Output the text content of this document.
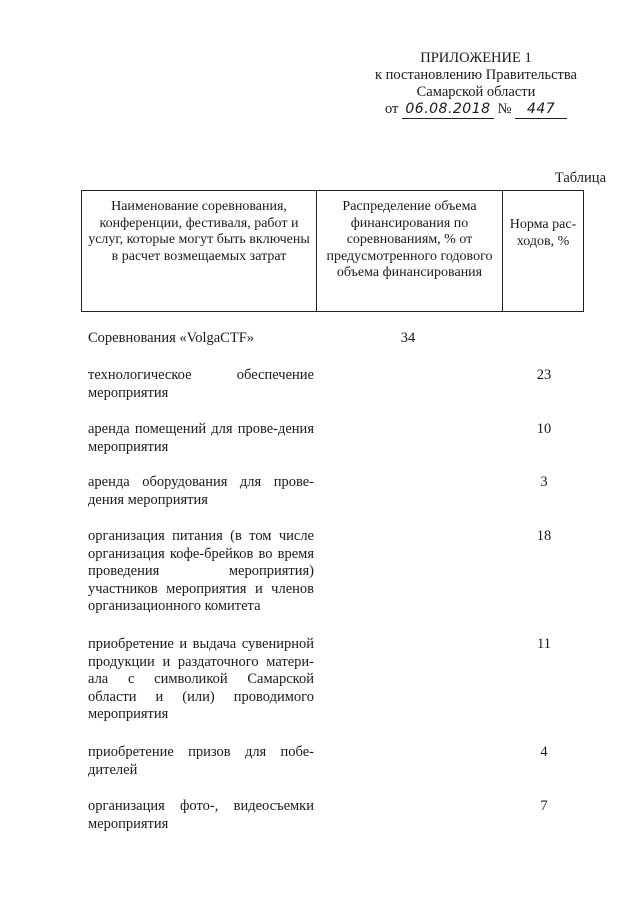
ПРИЛОЖЕНИЕ 1
к постановлению Правительства
Самарской области
от 06.08.2018 № 447
Таблица
Наименование соревнования, конференции, фестиваля, работ и услуг, которые могут быть включены в расчет возмещаемых затрат
Распределение объема финансирования по соревнованиям, % от предусмотренного годового объема финансирования
Норма рас-ходов, %
Соревнования «VolgaCTF»	34
технологическое обеспечение мероприятия
23
аренда помещений для прове-дения мероприятия
10
аренда оборудования для прове-дения мероприятия
3
организация питания (в том числе организация кофе-брейков во время проведения мероприятия) участников мероприятия и членов организационного комитета
18
приобретение и выдача сувенирной продукции и раздаточного матери-ала с символикой Самарской области и (или) проводимого мероприятия
11
приобретение призов для побе-дителей
4
организация фото-, видеосъемки мероприятия
7
